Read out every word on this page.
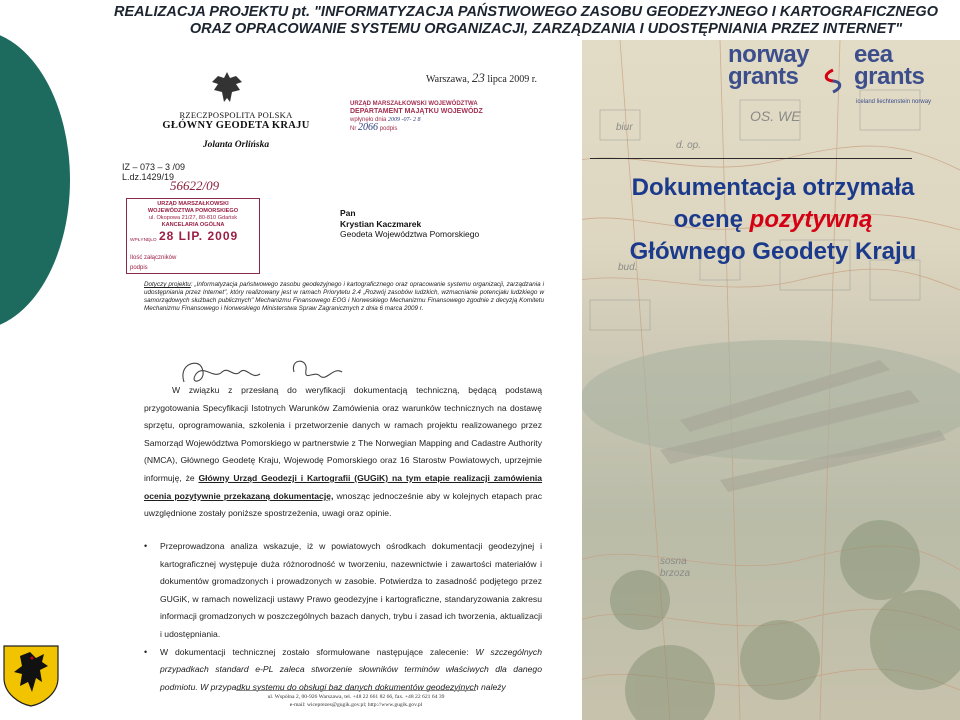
biur
d. op.
OS. WE
bud.
sosna
brzoza
REALIZACJA PROJEKTU pt. "INFORMATYZACJA PAŃSTWOWEGO ZASOBU GEODEZYJNEGO I KARTOGRAFICZNEGO
ORAZ OPRACOWANIE SYSTEMU ORGANIZACJI, ZARZĄDZANIA I UDOSTĘPNIANIA PRZEZ INTERNET"
norway
grants
eea
grants
iceland liechtenstein norway
Dokumentacja otrzymała
ocenę pozytywną
Głównego Geodety Kraju
Warszawa, 23 lipca 2009 r.
RZECZPOSPOLITA POLSKA
GŁÓWNY GEODETA KRAJU
Jolanta Orlińska
URZĄD MARSZAŁKOWSKI WOJEWÓDZTWA
DEPARTAMENT MAJĄTKU WOJEWÓDZ
wpłynęło dnia 2009 -07- 2 8
Nr 2066 podpis
IZ – 073 – 3 /09
L.dz.1429/19
56622/09
URZĄD MARSZAŁKOWSKI
WOJEWÓDZTWA POMORSKIEGO
ul. Okopowa 21/27, 80-810 Gdańsk
KANCELARIA OGÓLNA
WPŁYNĘŁO 28 LIP. 2009
Ilość załączników
podpis
Pan
Krystian Kaczmarek
Geodeta Województwa Pomorskiego
Dotyczy projektu: „Informatyzacja państwowego zasobu geodezyjnego i kartograficznego oraz opracowanie systemu organizacji, zarządzania i udostępniania przez Internet", który realizowany jest w ramach Priorytetu 2.4 „Rozwój zasobów ludzkich, wzmacnianie potencjału ludzkiego w samorządowych służbach publicznych" Mechanizmu Finansowego EOG i Norweskiego Mechanizmu Finansowego zgodnie z decyzją Komitetu Mechanizmu Finansowego i Norweskiego Ministerstwa Spraw Zagranicznych z dnia 6 marca 2009 r.

W związku z przesłaną do weryfikacji dokumentacją techniczną, będącą podstawą przygotowania Specyfikacji Istotnych Warunków Zamówienia oraz warunków technicznych na dostawę sprzętu, oprogramowania, szkolenia i przetworzenie danych w ramach projektu realizowanego przez Samorząd Województwa Pomorskiego w partnerstwie z The Norwegian Mapping and Cadastre Authority (NMCA), Głównego Geodetę Kraju, Wojewodę Pomorskiego oraz 16 Starostw Powiatowych, uprzejmie informuję, że Główny Urząd Geodezji i Kartografii (GUGiK) na tym etapie realizacji zamówienia ocenia pozytywnie przekazaną dokumentację, wnosząc jednocześnie aby w kolejnych etapach prac uwzględnione zostały poniższe spostrzeżenia, uwagi oraz opinie.

• Przeprowadzona analiza wskazuje, iż w powiatowych ośrodkach dokumentacji geodezyjnej i kartograficznej występuje duża różnorodność w tworzeniu, nazewnictwie i zawartości materiałów i dokumentów gromadzonych i prowadzonych w zasobie. Potwierdza to zasadność podjętego przez GUGiK, w ramach nowelizacji ustawy Prawo geodezyjne i kartograficzne, standaryzowania zakresu informacji gromadzonych w poszczególnych bazach danych, trybu i zasad ich tworzenia, aktualizacji i udostępniania.
• W dokumentacji technicznej zostało sformułowane następujące zalecenie: W szczególnych przypadkach standard e-PL zaleca stworzenie słowników terminów właściwych dla danego podmiotu. W przypadku systemu do obsługi baz danych dokumentów geodezyjnych należy
ul. Wspólna 2, 00-926 Warszawa, tel. +48 22 661 82 66, fax. +48 22 621 64 39
e-mail: wiceprezes@gugik.gov.pl; http://www.gugik.gov.pl
